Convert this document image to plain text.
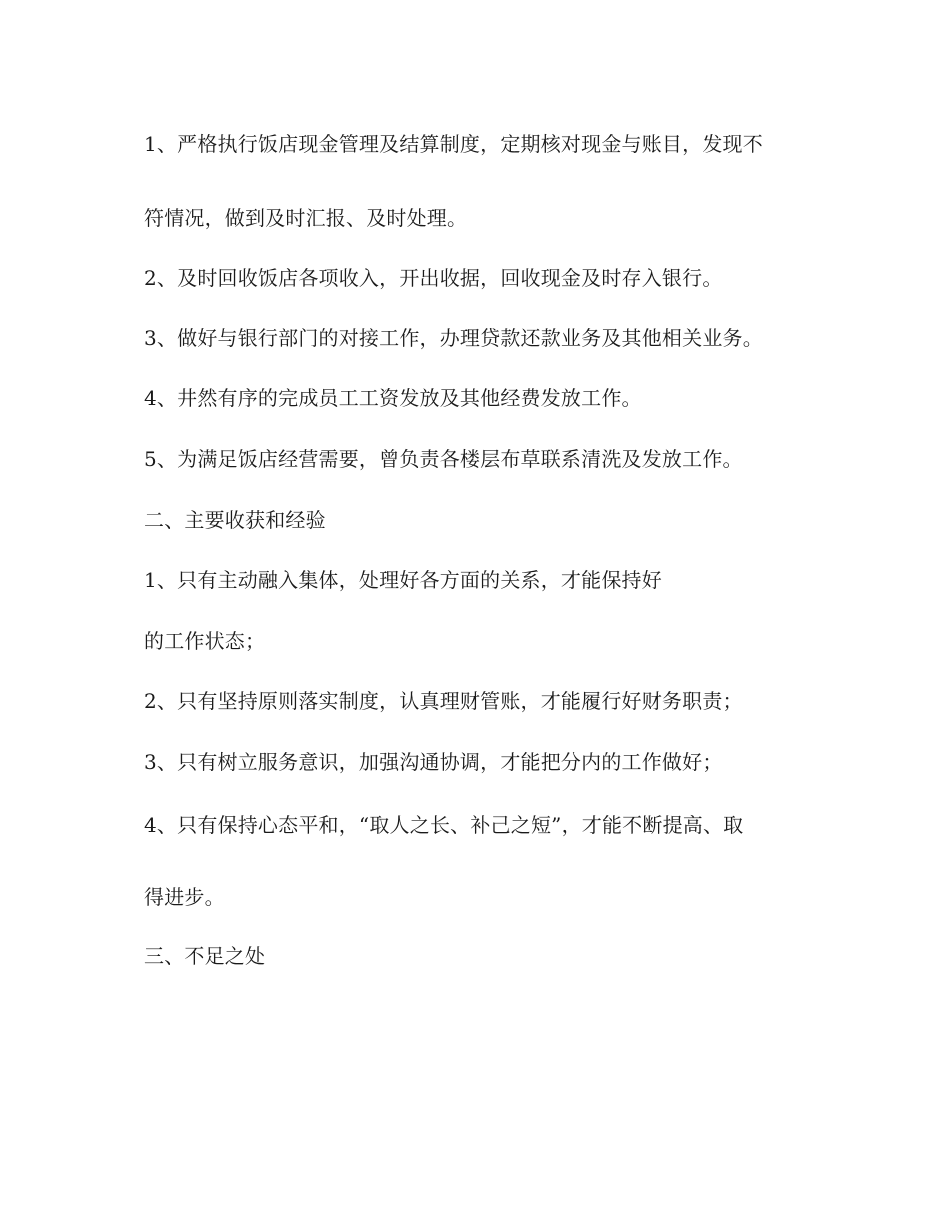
1、严格执行饭店现金管理及结算制度，定期核对现金与账目，发现不
符情况，做到及时汇报、及时处理。
2、及时回收饭店各项收入，开出收据，回收现金及时存入银行。
3、做好与银行部门的对接工作，办理贷款还款业务及其他相关业务。
4、井然有序的完成员工工资发放及其他经费发放工作。
5、为满足饭店经营需要，曾负责各楼层布草联系清洗及发放工作。
二、主要收获和经验
1、只有主动融入集体，处理好各方面的关系，才能保持好
的工作状态；
2、只有坚持原则落实制度，认真理财管账，才能履行好财务职责；
3、只有树立服务意识，加强沟通协调，才能把分内的工作做好；
4、只有保持心态平和，“取人之长、补己之短”，才能不断提高、取
得进步。
三、不足之处
